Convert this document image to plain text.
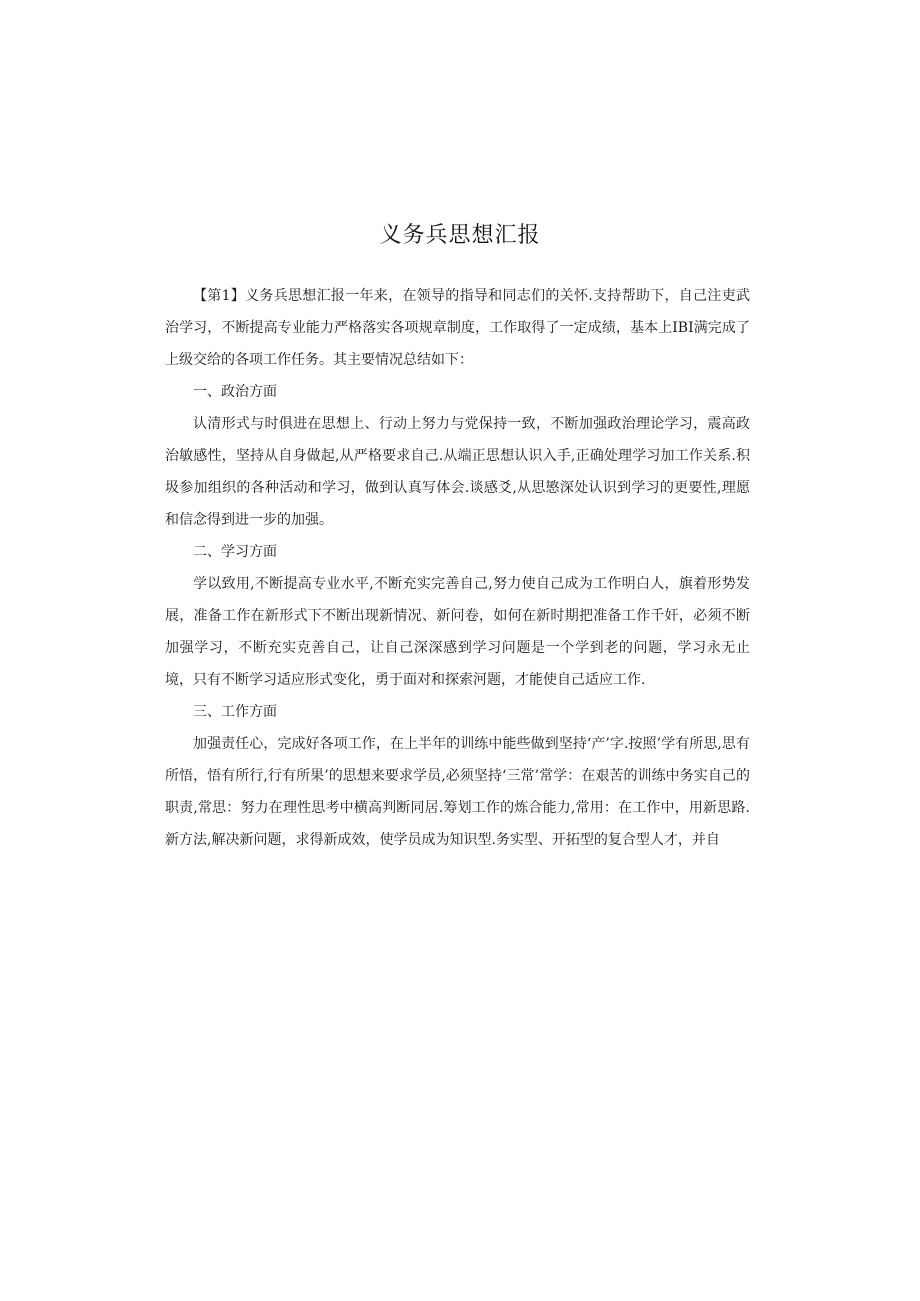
义务兵思想汇报

【第1】义务兵思想汇报一年来，在领导的指导和同志们的关怀.支持帮助下，自己注吏武治学习，不断提高专业能力严格落实各项规章制度，工作取得了一定成绩，基本上IBI满完成了上级交给的各项工作任务。其主要情况总结如下：

一、政治方面

认清形式与时俱进在思想上、行动上努力与党保持一致，不断加强政治理论学习，震高政治敏感性，坚持从自身做起,从严格要求自己.从端正思想认识入手,正确处理学习加工作关系.积圾参加组织的各种活动和学习，做到认真写体会.谈感爻,从思慜深处认识到学习的更要性,理愿和信念得到进一步的加强。

二、学习方面

学以致用,不断提高专业水平,不断充实完善自己,努力使自己成为工作明白人，旗着形势发展，准备工作在新形式下不断出现新情况、新问卷，如何在新时期把准备工作千奸，必须不断加强学习，不断充实克善自己，让自己深深感到学习问题是一个学到老的问题，学习永无止境，只有不断学习适应形式变化，勇于面对和探索河题，才能使自己适应工作.

三、工作方面

加强责任心，完成好各项工作，在上半年的训练中能些做到坚持‘产’字.按照’学有所思,思有所悟，悟有所行,行有所果’的思想来要求学员,必须坚持‘三常’常学：在艰苦的训练中务实自己的职责,常思：努力在理性思考中横高判断同居.筹划工作的炼合能力,常用：在工作中，用新思路.新方法,解决新问题，求得新成效，使学员成为知识型.务实型、开拓型的复合型人才，并自
